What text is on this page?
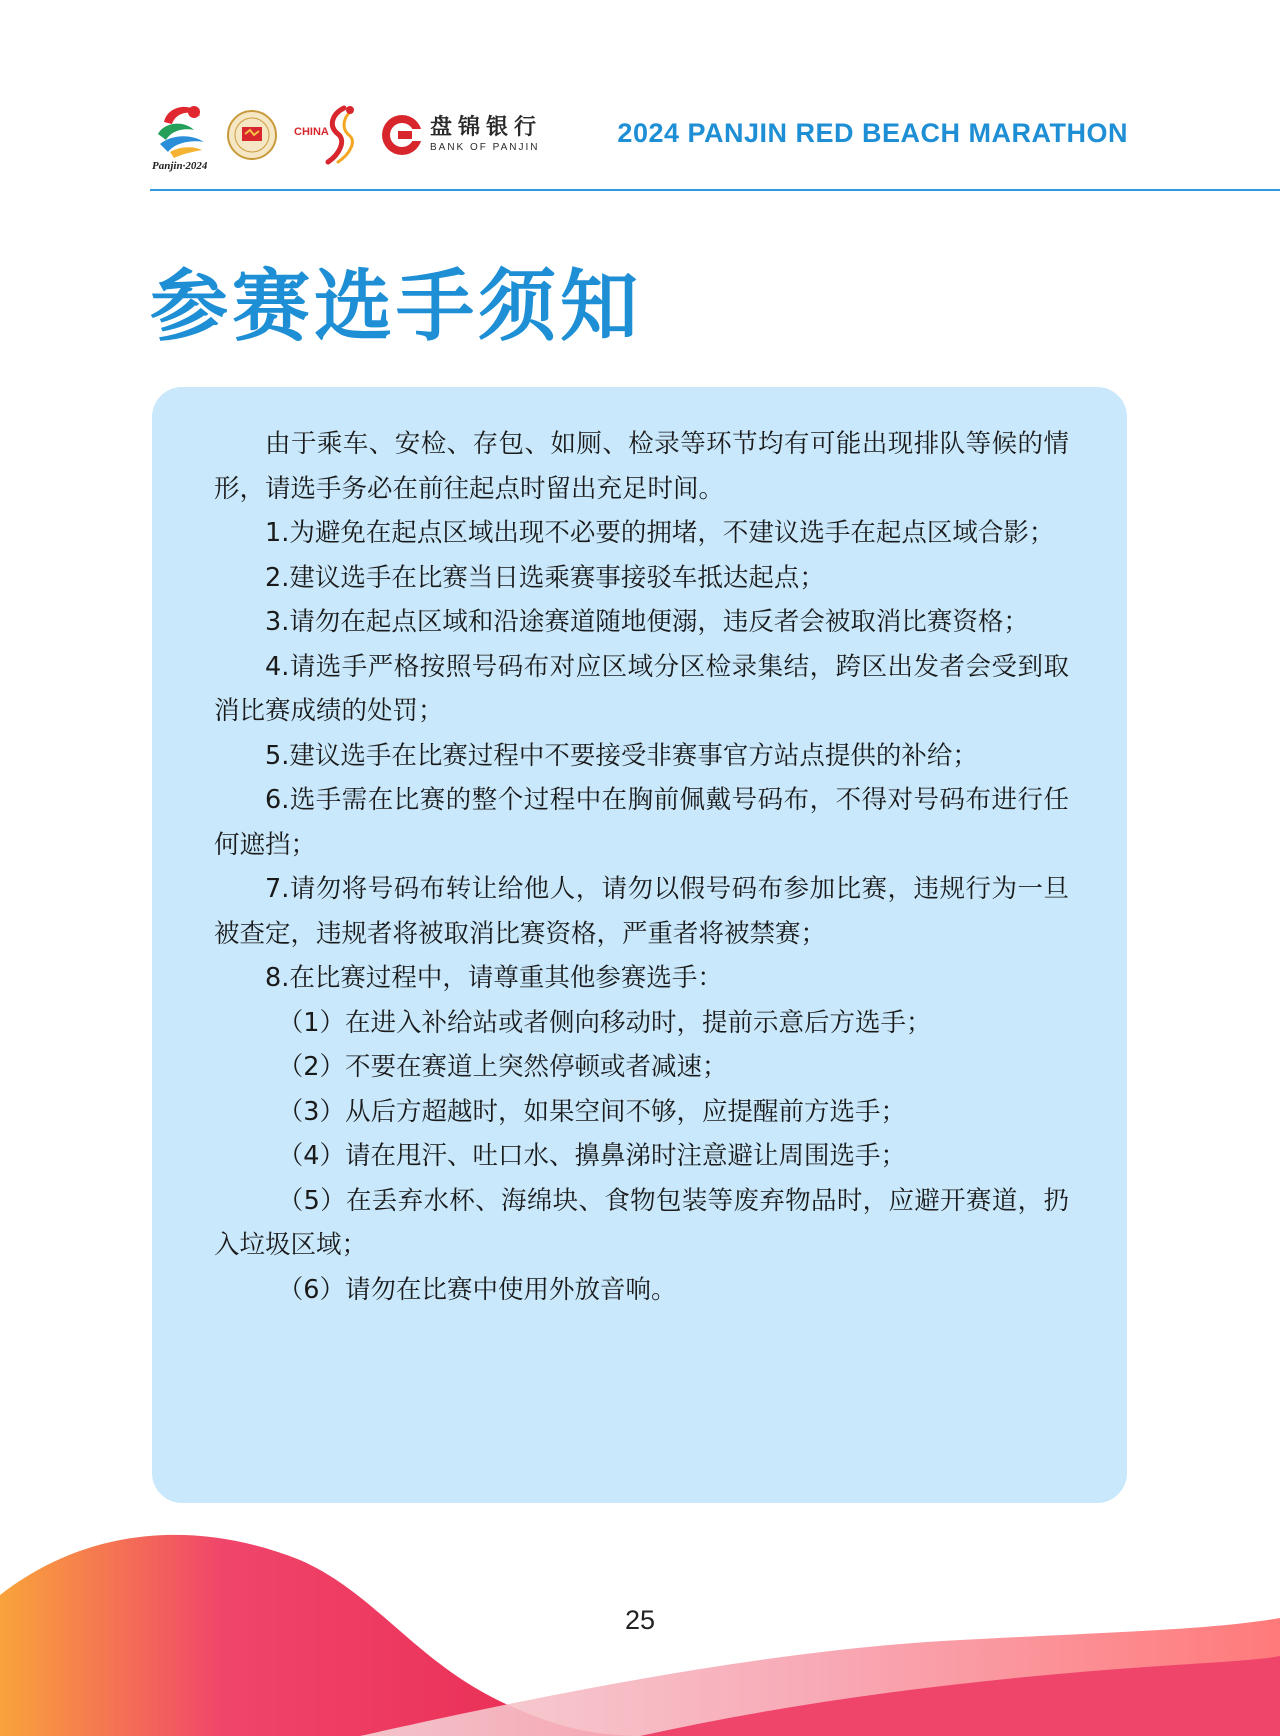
Panjin·2024
CHINA	盘锦银行
BANK OF PANJIN	2024 PANJIN RED BEACH MARATHON
参赛选手须知

由于乘车、安检、存包、如厕、检录等环节均有可能出现排队等候的情形，请选手务必在前往起点时留出充足时间。

1.为避免在起点区域出现不必要的拥堵，不建议选手在起点区域合影；

2.建议选手在比赛当日选乘赛事接驳车抵达起点；

3.请勿在起点区域和沿途赛道随地便溺，违反者会被取消比赛资格；

4.请选手严格按照号码布对应区域分区检录集结，跨区出发者会受到取消比赛成绩的处罚；

5.建议选手在比赛过程中不要接受非赛事官方站点提供的补给；

6.选手需在比赛的整个过程中在胸前佩戴号码布，不得对号码布进行任何遮挡；

7.请勿将号码布转让给他人，请勿以假号码布参加比赛，违规行为一旦被查定，违规者将被取消比赛资格，严重者将被禁赛；

8.在比赛过程中，请尊重其他参赛选手：

（1）在进入补给站或者侧向移动时，提前示意后方选手；

（2）不要在赛道上突然停顿或者减速；

（3）从后方超越时，如果空间不够，应提醒前方选手；

（4）请在甩汗、吐口水、擤鼻涕时注意避让周围选手；

（5）在丢弃水杯、海绵块、食物包装等废弃物品时，应避开赛道，扔入垃圾区域；

（6）请勿在比赛中使用外放音响。

25
